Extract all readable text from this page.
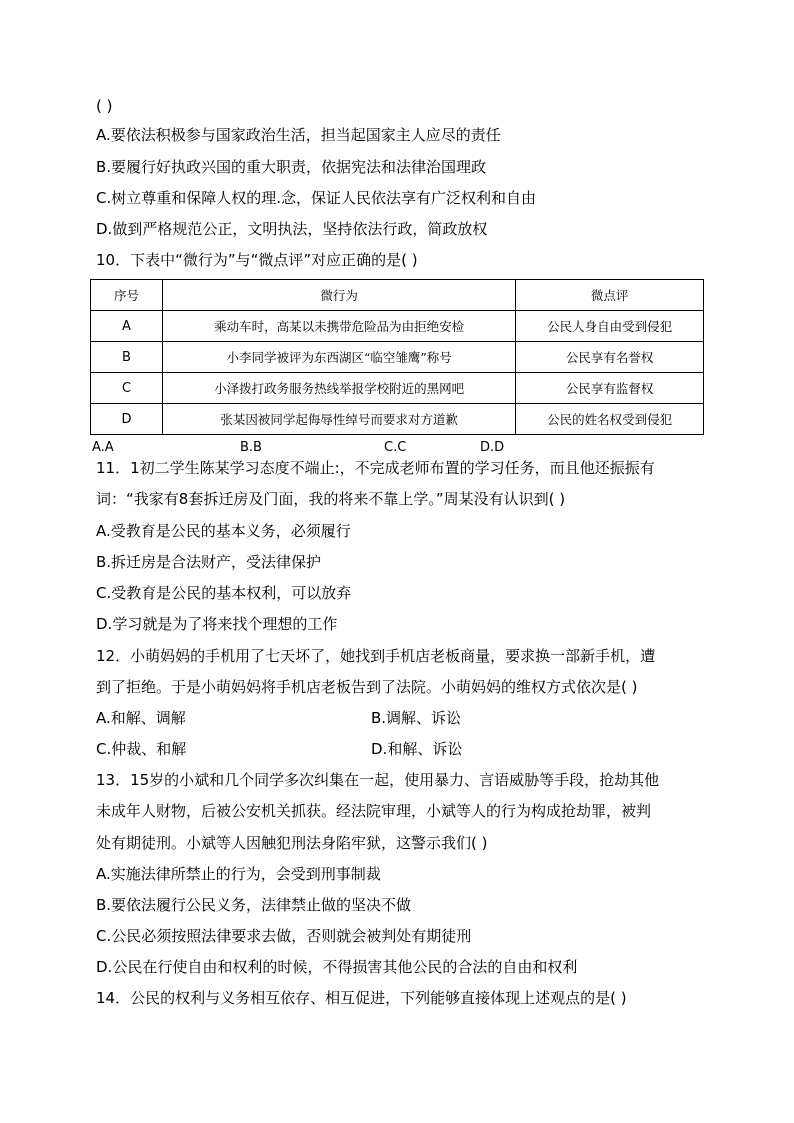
( )
A.要依法积极参与国家政治生活，担当起国家主人应尽的责任
B.要履行好执政兴国的重大职责，依据宪法和法律治国理政
C.树立尊重和保障人权的理.念，保证人民依法享有广泛权利和自由
D.做到严格规范公正，文明执法，坚持依法行政，简政放权
10．下表中“微行为”与“微点评”对应正确的是( )
序号	微行为	微点评
A	乘动车时，高某以未携带危险品为由拒绝安检	公民人身自由受到侵犯
B	小李同学被评为东西湖区“临空雏鹰”称号	公民享有名誉权
C	小泽拨打政务服务热线举报学校附近的黑网吧	公民享有监督权
D	张某因被同学起侮辱性绰号而要求对方道歉	公民的姓名权受到侵犯
A.A	B.B	C.C	D.D
11．1初二学生陈某学习态度不端止:，不完成老师布置的学习任务，而且他还振振有
词：“我家有8套拆迁房及门面，我的将来不靠上学。”周某没有认识到( )
A.受教育是公民的基本义务，必须履行
B.拆迁房是合法财产，受法律保护
C.受教育是公民的基本权利，可以放弃
D.学习就是为了将来找个理想的工作
12．小萌妈妈的手机用了七天坏了，她找到手机店老板商量，要求换一部新手机，遭
到了拒绝。于是小萌妈妈将手机店老板告到了法院。小萌妈妈的维权方式依次是( )
A.和解、调解	B.调解、诉讼
C.仲裁、和解	D.和解、诉讼
13．15岁的小斌和几个同学多次纠集在一起，使用暴力、言语威胁等手段，抢劫其他
未成年人财物，后被公安机关抓获。经法院审理，小斌等人的行为构成抢劫罪，被判
处有期徒刑。小斌等人因触犯刑法身陷牢狱，这警示我们( )
A.实施法律所禁止的行为，会受到刑事制裁
B.要依法履行公民义务，法律禁止做的坚决不做
C.公民必须按照法律要求去做，否则就会被判处有期徒刑
D.公民在行使自由和权利的时候，不得损害其他公民的合法的自由和权利
14．公民的权利与义务相互依存、相互促进，下列能够直接体现上述观点的是( )
